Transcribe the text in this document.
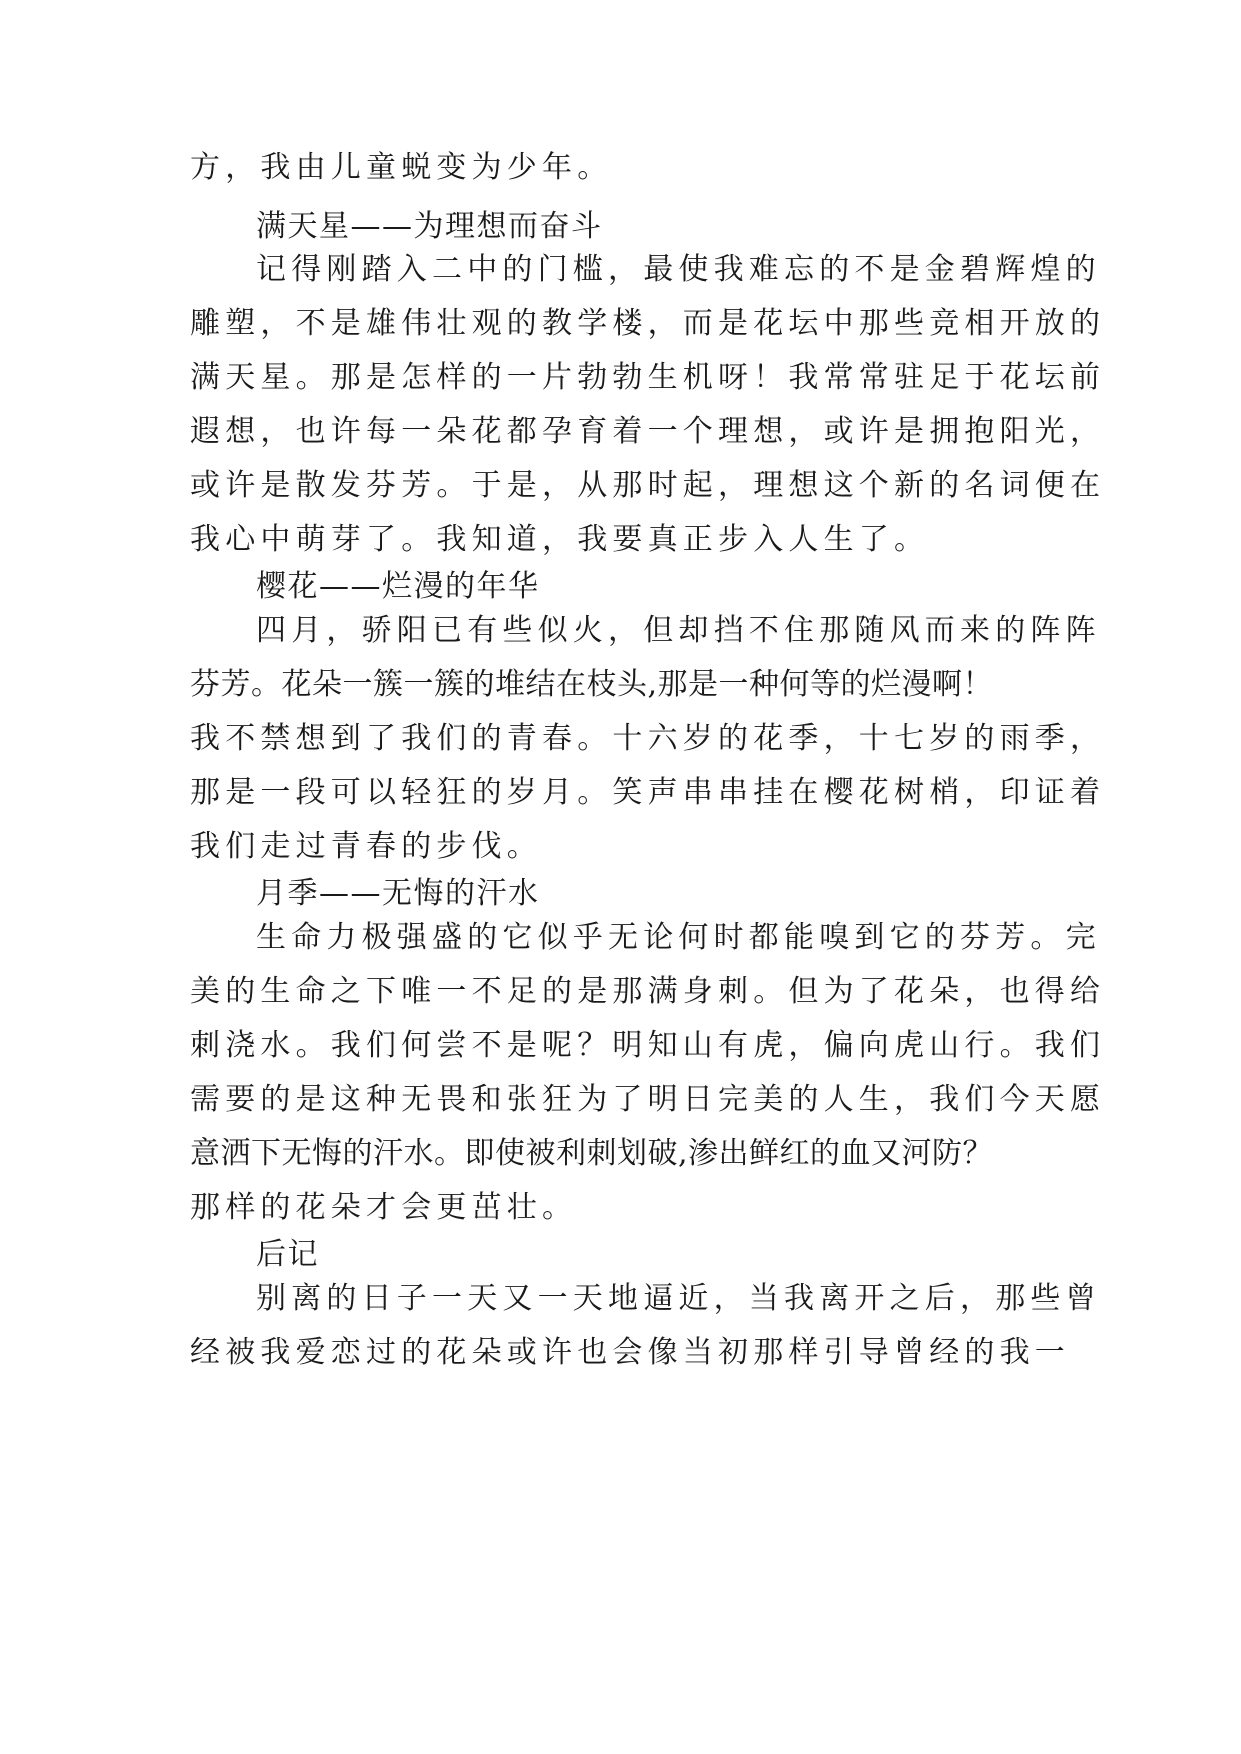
方，我由儿童蜕变为少年。
满天星——为理想而奋斗
记得刚踏入二中的门槛，最使我难忘的不是金碧辉煌的
雕塑，不是雄伟壮观的教学楼，而是花坛中那些竞相开放的
满天星。那是怎样的一片勃勃生机呀！我常常驻足于花坛前
遐想，也许每一朵花都孕育着一个理想，或许是拥抱阳光，
或许是散发芬芳。于是，从那时起，理想这个新的名词便在
我心中萌芽了。我知道，我要真正步入人生了。
樱花——烂漫的年华
四月，骄阳已有些似火，但却挡不住那随风而来的阵阵
芬芳。花朵一簇一簇的堆结在枝头,那是一种何等的烂漫啊！
我不禁想到了我们的青春。十六岁的花季，十七岁的雨季，
那是一段可以轻狂的岁月。笑声串串挂在樱花树梢，印证着
我们走过青春的步伐。
月季——无悔的汗水
生命力极强盛的它似乎无论何时都能嗅到它的芬芳。完
美的生命之下唯一不足的是那满身刺。但为了花朵，也得给
刺浇水。我们何尝不是呢？明知山有虎，偏向虎山行。我们
需要的是这种无畏和张狂为了明日完美的人生，我们今天愿
意洒下无悔的汗水。即使被利刺划破,渗出鲜红的血又河防？
那样的花朵才会更茁壮。
后记
别离的日子一天又一天地逼近，当我离开之后，那些曾
经被我爱恋过的花朵或许也会像当初那样引导曾经的我一
